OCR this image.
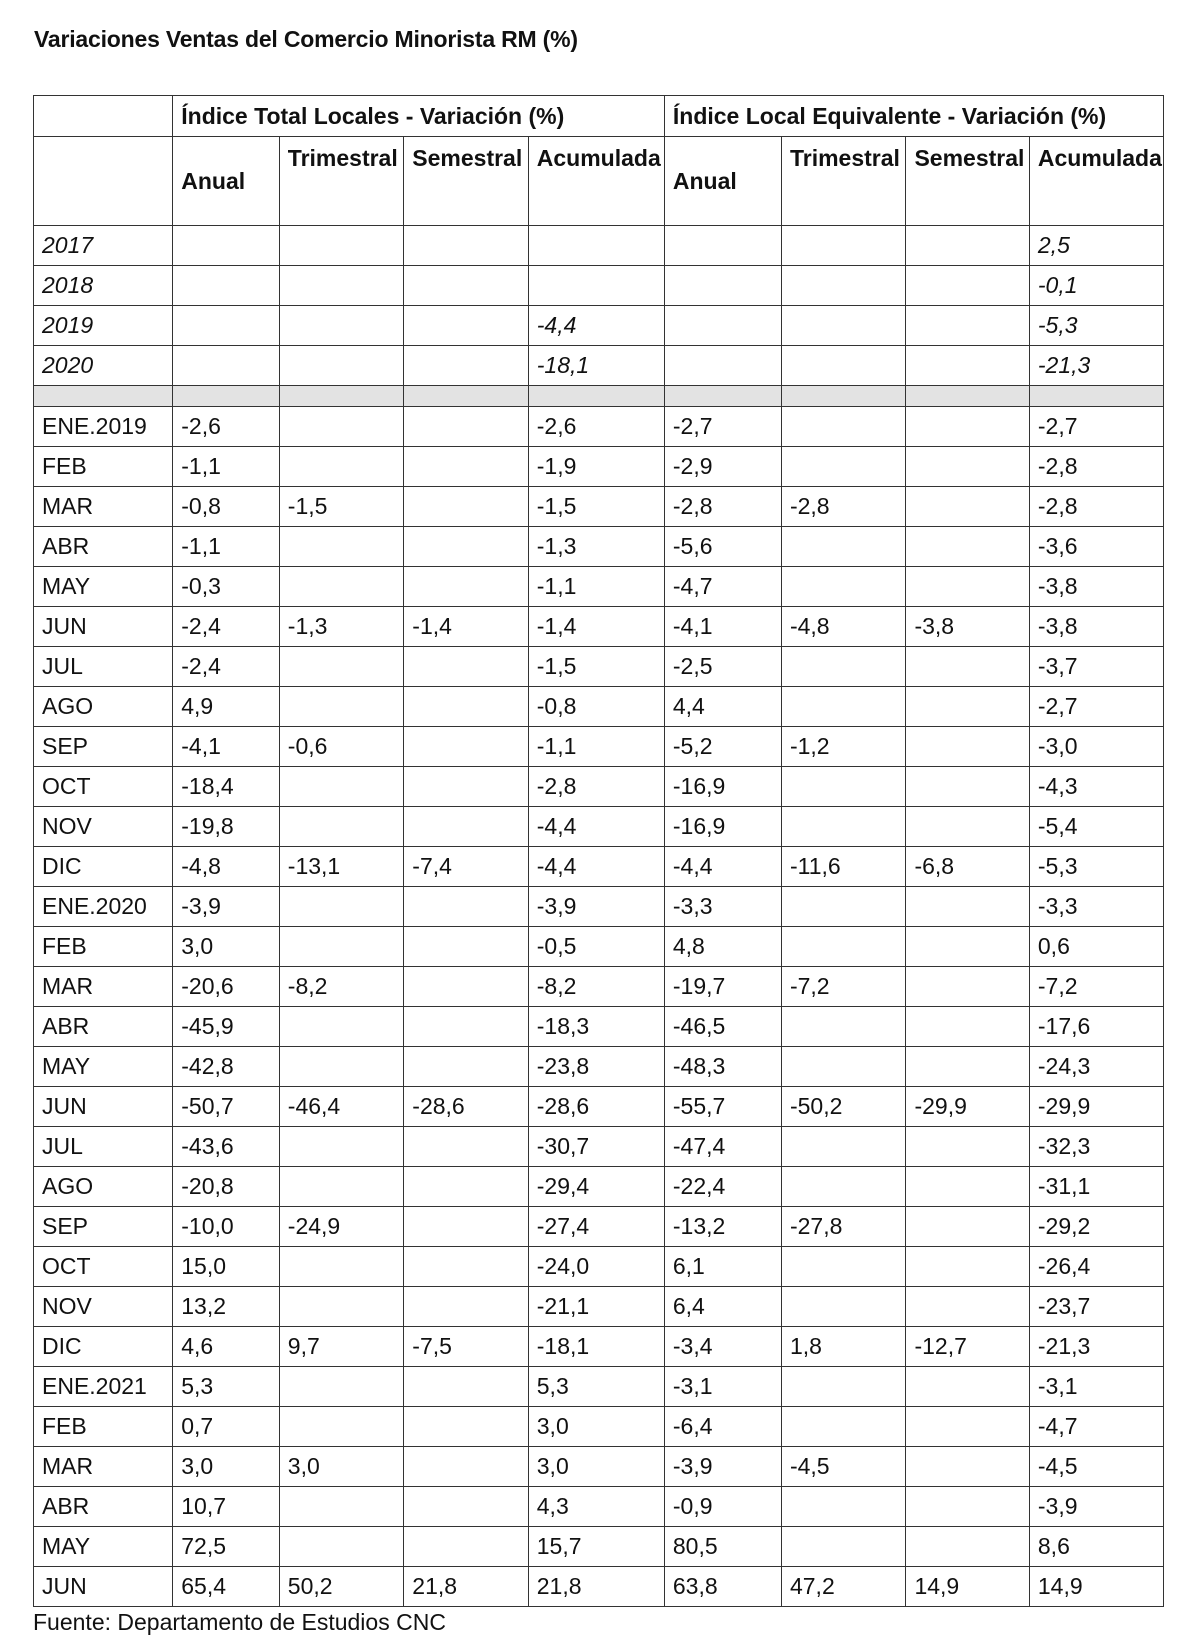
Variaciones Ventas del Comercio Minorista RM (%)
	Índice Total Locales - Variación (%)				Índice Local Equivalente - Variación (%)			
	Anual	Trimestral	Semestral	Acumulada	Anual	Trimestral	Semestral	Acumulada

2017								2,5
2018								-0,1
2019				-4,4				-5,3
2020				-18,1				-21,3

ENE.2019	-2,6			-2,6	-2,7			-2,7
FEB	-1,1			-1,9	-2,9			-2,8
MAR	-0,8	-1,5		-1,5	-2,8	-2,8		-2,8
ABR	-1,1			-1,3	-5,6			-3,6
MAY	-0,3			-1,1	-4,7			-3,8
JUN	-2,4	-1,3	-1,4	-1,4	-4,1	-4,8	-3,8	-3,8
JUL	-2,4			-1,5	-2,5			-3,7
AGO	4,9			-0,8	4,4			-2,7
SEP	-4,1	-0,6		-1,1	-5,2	-1,2		-3,0
OCT	-18,4			-2,8	-16,9			-4,3
NOV	-19,8			-4,4	-16,9			-5,4
DIC	-4,8	-13,1	-7,4	-4,4	-4,4	-11,6	-6,8	-5,3
ENE.2020	-3,9			-3,9	-3,3			-3,3
FEB	3,0			-0,5	4,8			0,6
MAR	-20,6	-8,2		-8,2	-19,7	-7,2		-7,2
ABR	-45,9			-18,3	-46,5			-17,6
MAY	-42,8			-23,8	-48,3			-24,3
JUN	-50,7	-46,4	-28,6	-28,6	-55,7	-50,2	-29,9	-29,9
JUL	-43,6			-30,7	-47,4			-32,3
AGO	-20,8			-29,4	-22,4			-31,1
SEP	-10,0	-24,9		-27,4	-13,2	-27,8		-29,2
OCT	15,0			-24,0	6,1			-26,4
NOV	13,2			-21,1	6,4			-23,7
DIC	4,6	9,7	-7,5	-18,1	-3,4	1,8	-12,7	-21,3
ENE.2021	5,3			5,3	-3,1			-3,1
FEB	0,7			3,0	-6,4			-4,7
MAR	3,0	3,0		3,0	-3,9	-4,5		-4,5
ABR	10,7			4,3	-0,9			-3,9
MAY	72,5			15,7	80,5			8,6
JUN	65,4	50,2	21,8	21,8	63,8	47,2	14,9	14,9
Fuente: Departamento de Estudios CNC
